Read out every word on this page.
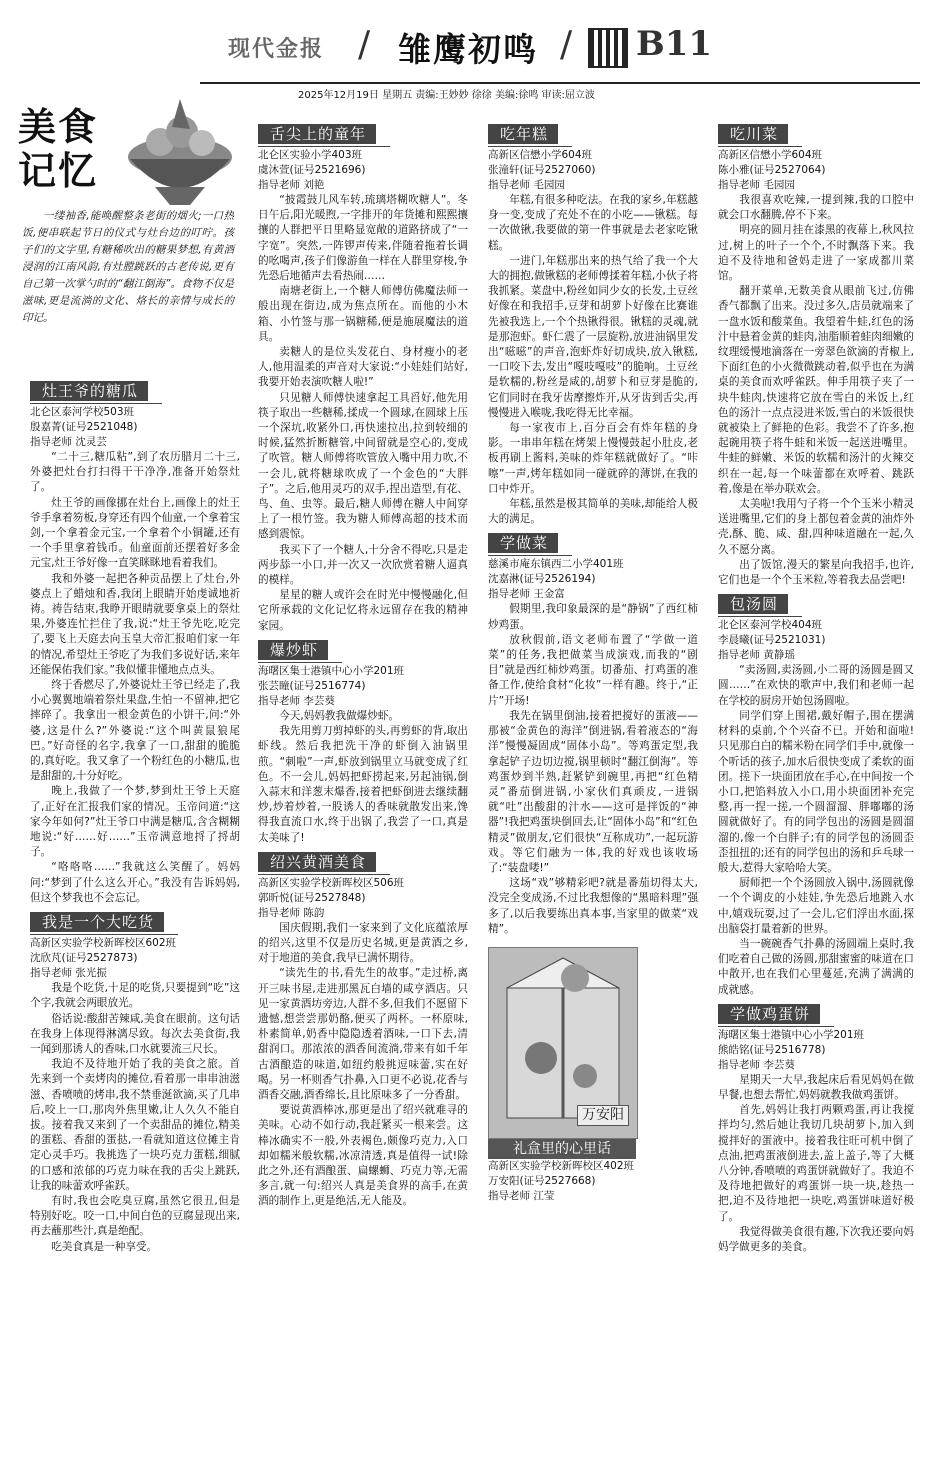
现代金报 / 雏鹰初鸣 / B11
2025年12月19日 星期五 责编:王妙妙 徐徐 美编:徐鸣 审读:屈立波
美食
记忆

一缕袖香,能唤醒整条老街的烟火;一口热饭,便串联起节日的仪式与灶台边的叮咛。孩子们的文字里,有糖稀吹出的糖果梦想,有黄酒浸润的江南风韵,有灶膛跳跃的古老传说,更有自己第一次掌勺时的“翻江倒海”。食物不仅是滋味,更是流淌的文化、烙长的亲情与成长的印记。

灶王爷的糖瓜
北仑区泰河学校503班
殷嘉菁(证号2521048)
指导老师 沈灵芸

“二十三,糖瓜粘”,到了农历腊月二十三,外婆把灶台打扫得干干净净,准备开始祭灶了。

灶王爷的画像挪在灶台上,画像上的灶王爷手拿着笏板,身穿还有四个仙童,一个拿着宝剑,一个拿着金元宝,一个拿着个小铜罐,还有一个手里拿着钱币。仙童面前还摆着好多金元宝,灶王爷好像一直笑眯眯地看着我们。

我和外婆一起把各种贡品摆上了灶台,外婆点上了蜡烛和香,我闭上眼睛开始虔诚地祈祷。祷告结束,我睁开眼睛就要拿桌上的祭灶果,外婆连忙拦住了我,说:“灶王爷先吃,吃完了,要飞上天庭去向玉皇大帝汇报咱们家一年的情况,希望灶王爷吃了为我们多说好话,来年还能保佑我们家。”我似懂非懂地点点头。

终于香燃尽了,外婆说灶王爷已经走了,我小心翼翼地端着祭灶果盘,生怕一不留神,把它摔碎了。我拿出一根金黄色的小饼干,问:“外婆,这是什么?”外婆说:“这个叫黄鼠狼尾巴。”好奇怪的名字,我拿了一口,甜甜的脆脆的,真好吃。我又拿了一个粉红色的小糖瓜,也是甜甜的,十分好吃。

晚上,我做了一个梦,梦到灶王爷上天庭了,正好在汇报我们家的情况。玉帝问道:“这家今年如何?”灶王爷口中满是糖瓜,含含糊糊地说:“好……好……”玉帝满意地捋了捋胡子。

“咯咯咯……”我就这么笑醒了。妈妈问:“梦到了什么这么开心。”我没有告诉妈妈,但这个梦我也不会忘记。

我是一个大吃货
高新区实验学校新晖校区602班
沈欣芃(证号2527873)
指导老师 张光振

我是个吃货,十足的吃货,只要提到“吃”这个字,我就会两眼放光。

俗话说:酸甜苦辣咸,美食在眼前。这句话在我身上体现得淋漓尽致。每次去美食街,我一闻到那诱人的香味,口水就要流三尺长。

我迫不及待地开始了我的美食之旅。首先来到一个卖烤肉的摊位,看着那一串串油滋滋、香喷喷的烤串,我不禁垂涎欲滴,买了几串后,咬上一口,那肉外焦里嫩,让人久久不能自拔。接着我又来到了一个卖甜品的摊位,精美的蛋糕、香甜的蛋挞,一看就知道这位摊主肯定心灵手巧。我挑选了一块巧克力蛋糕,细腻的口感和浓郁的巧克力味在我的舌尖上跳跃,让我的味蕾欢呼雀跃。

有时,我也会吃臭豆腐,虽然它很丑,但是特别好吃。咬一口,中间白色的豆腐显现出来,再去蘸那些汁,真是绝配。

吃美食真是一种享受。

舌尖上的童年
北仑区实验小学403班
虞沐萱(证号2521696)
指导老师 刘艳

“披霞鼓儿风车转,琉璃塔糊吹糖人”。冬日午后,阳光暖煦,一字排开的年货摊和熙熙攘攘的人群把平日里略显宽敞的道路挤成了“一字宽”。突然,一阵锣声传来,伴随着拖着长调的吆喝声,孩子们像游鱼一样在人群里穿梭,争先恐后地循声去看热闹……

南塘老街上,一个糖人师傅仿佛魔法师一般出现在街边,成为焦点所在。而他的小木箱、小竹签与那一锅糖稀,便是施展魔法的道具。

卖糖人的是位头发花白、身材瘦小的老人,他用温柔的声音对大家说:“小娃娃们站好,我要开始表演吹糖人啦!”

只见糖人师傅快速拿起工具舀好,他先用筷子取出一些糖稀,揉成一个圆球,在圆球上压一个深坑,收紧外口,再快速拉出,拉到较细的时候,猛然折断糖管,中间留就是空心的,变成了吹管。糖人师傅将吹管放入嘴中用力吹,不一会儿,就将糖球吹成了一个金色的“大胖子”。之后,他用灵巧的双手,捏出造型,有花、鸟、鱼、虫等。最后,糖人师傅在糖人中间穿上了一根竹签。我为糖人师傅高超的技术而感到震惊。

我买下了一个糖人,十分舍不得吃,只是走两步舔一小口,并一次又一次欣赏着糖人逼真的模样。

星星的糖人或许会在时光中慢慢融化,但它所承载的文化记忆将永远留存在我的精神家园。

爆炒虾
海曙区集士港镇中心小学201班
张芸瞳(证号2516774)
指导老师 李芸葵

今天,妈妈教我做爆炒虾。

我先用剪刀剪掉虾的头,再剪虾的背,取出虾线。然后我把洗干净的虾倒入油锅里煎。“刺啦”一声,虾放到锅里立马就变成了红色。不一会儿,妈妈把虾捞起来,另起油锅,倒入蒜末和洋葱末爆香,接着把虾倒进去继续翻炒,炒着炒着,一股诱人的香味就散发出来,馋得我直流口水,终于出锅了,我尝了一口,真是太美味了!

绍兴黄酒美食
高新区实验学校新晖校区506班
郭昕悦(证号2527848)
指导老师 陈韵

国庆假期,我们一家来到了文化底蕴浓厚的绍兴,这里不仅是历史名城,更是黄酒之乡,对于地道的美食,我早已满怀期待。

“读先生的书,看先生的故事。”走过桥,离开三味书屋,走进那黑瓦白墙的咸亨酒店。只见一家黄酒坊旁边,人群不多,但我们不愿留下遗憾,想尝尝那奶酪,便买了两杯。一杯原味,朴素简单,奶香中隐隐透着酒味,一口下去,清甜润口。那浓浓的酒香间流淌,带来有如千年古酒酿造的味道,如纽约般挑逗味蕾,实在好喝。另一杯则香气扑鼻,入口更不必说,花香与酒香交融,酒香绵长,且比原味多了一分香甜。

要说黄酒棒冰,那更是出了绍兴就难寻的美味。心动不如行动,我赶紧买一根来尝。这棒冰确实不一般,外表褐色,颇像巧克力,入口却如糯米般软糯,冰凉清透,真是值得一试!除此之外,还有酒酿蛋、扁螺蛳、巧克力等,无需多言,就一句:绍兴人真是美食界的高手,在黄酒的制作上,更是绝活,无人能及。

吃年糕
高新区信懋小学604班
张潼轩(证号2527060)
指导老师 毛园园

年糕,有很多种吃法。在我的家乡,年糕越身一变,变成了充处不在的小吃——锹糕。每一次做锹,我要做的第一件事就是去老家吃锹糕。

一进门,年糕那出来的热气给了我一个大大的拥抱,做锹糕的老师傅揉着年糕,小伙子将我抓紧。菜盘中,粉丝如同少女的长发,土豆丝好像在和我招手,豆芽和胡萝卜好像在比赛谁先被我选上,一个个热锹得很。锹糕的灵魂,就是那泡虾。虾仁震了一层旋粉,放进油锅里发出“嗞嗞”的声音,泡虾炸好切成块,放入锹糕,一口咬下去,发出“嘎吱嘎吱”的脆响。土豆丝是软糯的,粉丝是咸的,胡萝卜和豆芽是脆的,它们同时在我牙齿摩擦炸开,从牙齿到舌尖,再慢慢进入喉咙,我吃得无比幸福。

每一家夜市上,百分百会有炸年糕的身影。一串串年糕在烤架上慢慢鼓起小肚皮,老板再刷上酱料,美味的炸年糕就做好了。“咔嚓”一声,烤年糕如同一碰就碎的薄饼,在我的口中炸开。

年糕,虽然是极其简单的美味,却能给人极大的满足。

学做菜
慈溪市庵东镇西二小学401班
沈嘉淋(证号2526194)
指导老师 王金富

假期里,我印象最深的是“静锅”了西红柿炒鸡蛋。

放秋假前,语文老师布置了“学做一道菜”的任务,我把做菜当成演戏,而我的“剧目”就是西红柿炒鸡蛋。切番茄、打鸡蛋的准备工作,使给食材“化妆”一样有趣。终于,“正片”开场!

我先在锅里倒油,接着把搅好的蛋液——那被“金黄色的海洋”倒进锅,看着液态的“海洋”慢慢凝固成“固体小岛”。等鸡蛋定型,我拿起铲子边切边搅,锅里顿时“翻江倒海”。等鸡蛋炒到半熟,赶紧铲到碗里,再把“红色精灵”番茄倒进锅,小家伙们真顽皮,一进锅就“吐”出酸甜的汁水——这可是拌饭的“神器”!我把鸡蛋块倒回去,让“固体小岛”和“红色精灵”做朋友,它们很快“互称成功”,一起玩游戏。等它们融为一体,我的好戏也该收场了:“装盘喽!”

这场“戏”够精彩吧?就是番茄切得太大,没完全变成汤,不过比我想像的“黑暗料理”强多了,以后我要练出真本事,当家里的做菜“戏精”。

万安阳
礼盒里的心里话
高新区实验学校新晖校区402班
万安阳(证号2527668)
指导老师 江莹
吃川菜
高新区信懋小学604班
陈小雅(证号2527064)
指导老师 毛园园

我很喜欢吃辣,一提到辣,我的口腔中就会口水翻腾,停不下来。

明亮的圆月挂在漆黑的夜幕上,秋风拉过,树上的叶子一个个,不时飘落下来。我迫不及待地和爸妈走进了一家成都川菜馆。

翻开菜单,无数美食从眼前飞过,仿佛香气都飘了出来。没过多久,店员就端来了一盘水饭和酸菜鱼。我望着牛蛙,红色的汤汁中悬着金黄的蛙肉,油脂顺着蛙肉细嫩的纹理缓慢地滴落在一旁翠色欲滴的青椒上,下面红色的小火微微跳动着,似乎也在为满桌的美食而欢呼雀跃。伸手用筷子夹了一块牛蛙肉,快速将它放在雪白的米饭上,红色的汤汁一点点浸进米饭,雪白的米饭很快就被染上了鲜艳的色彩。我尝不了许多,抱起碗用筷子将牛蛙和米饭一起送进嘴里。牛蛙的鲜嫩、米饭的软糯和汤汁的火辣交织在一起,每一个味蕾都在欢呼着、跳跃着,像是在举办联欢会。

太美啦!我用勺子将一个个玉米小精灵送进嘴里,它们的身上都包着金黄的油炸外壳,酥、脆、咸、甜,四种味道融在一起,久久不愿分离。

出了饭馆,漫天的繁星向我招手,也许,它们也是一个个玉米粒,等着我去品尝吧!

包汤圆
北仑区泰河学校404班
李晨曦(证号2521031)
指导老师 黄静瑶

“卖汤圆,卖汤圆,小二哥的汤圆是圆又圆……”在欢快的歌声中,我们和老师一起在学校的厨房开始包汤圆啦。

同学们穿上围裙,戴好帽子,围在摆满材料的桌前,个个兴奋不已。开始和面啦!只见那白白的糯米粉在同学们手中,就像一个听话的孩子,加水后很快变成了柔软的面团。搓下一块面团放在手心,在中间按一个小口,把馅料放入小口,用小块面团补充完整,再一捏一搓,一个圆溜溜、胖嘟嘟的汤圆就做好了。有的同学包出的汤圆是圆溜溜的,像一个白胖子;有的同学包的汤圆歪歪扭扭的;还有的同学包出的汤和乒乓球一般大,惹得大家哈哈大笑。

厨师把一个个汤圆放入锅中,汤圆就像一个个调皮的小娃娃,争先恐后地跳入水中,嬉戏玩耍,过了一会儿,它们浮出水面,探出脑袋打量着新的世界。

当一碗碗香气扑鼻的汤圆端上桌时,我们吃着自己做的汤圆,那甜蜜蜜的味道在口中散开,也在我们心里蔓延,充满了满满的成就感。

学做鸡蛋饼
海曙区集士港镇中心小学201班
熊皓铭(证号2516778)
指导老师 李芸葵

星期天一大早,我起床后看见妈妈在做早餐,也想去帮忙,妈妈就教我做鸡蛋饼。

首先,妈妈让我打两颗鸡蛋,再让我搅拌均匀,然后她让我切几块胡萝卜,加入到搅拌好的蛋液中。接着我往旺可机中倒了点油,把鸡蛋液倒进去,盖上盖子,等了大概八分钟,香喷喷的鸡蛋饼就做好了。我迫不及待地把做好的鸡蛋饼一块一块,趁热一把,迫不及待地把一块吃,鸡蛋饼味道好极了。

我觉得做美食很有趣,下次我还要向妈妈学做更多的美食。
